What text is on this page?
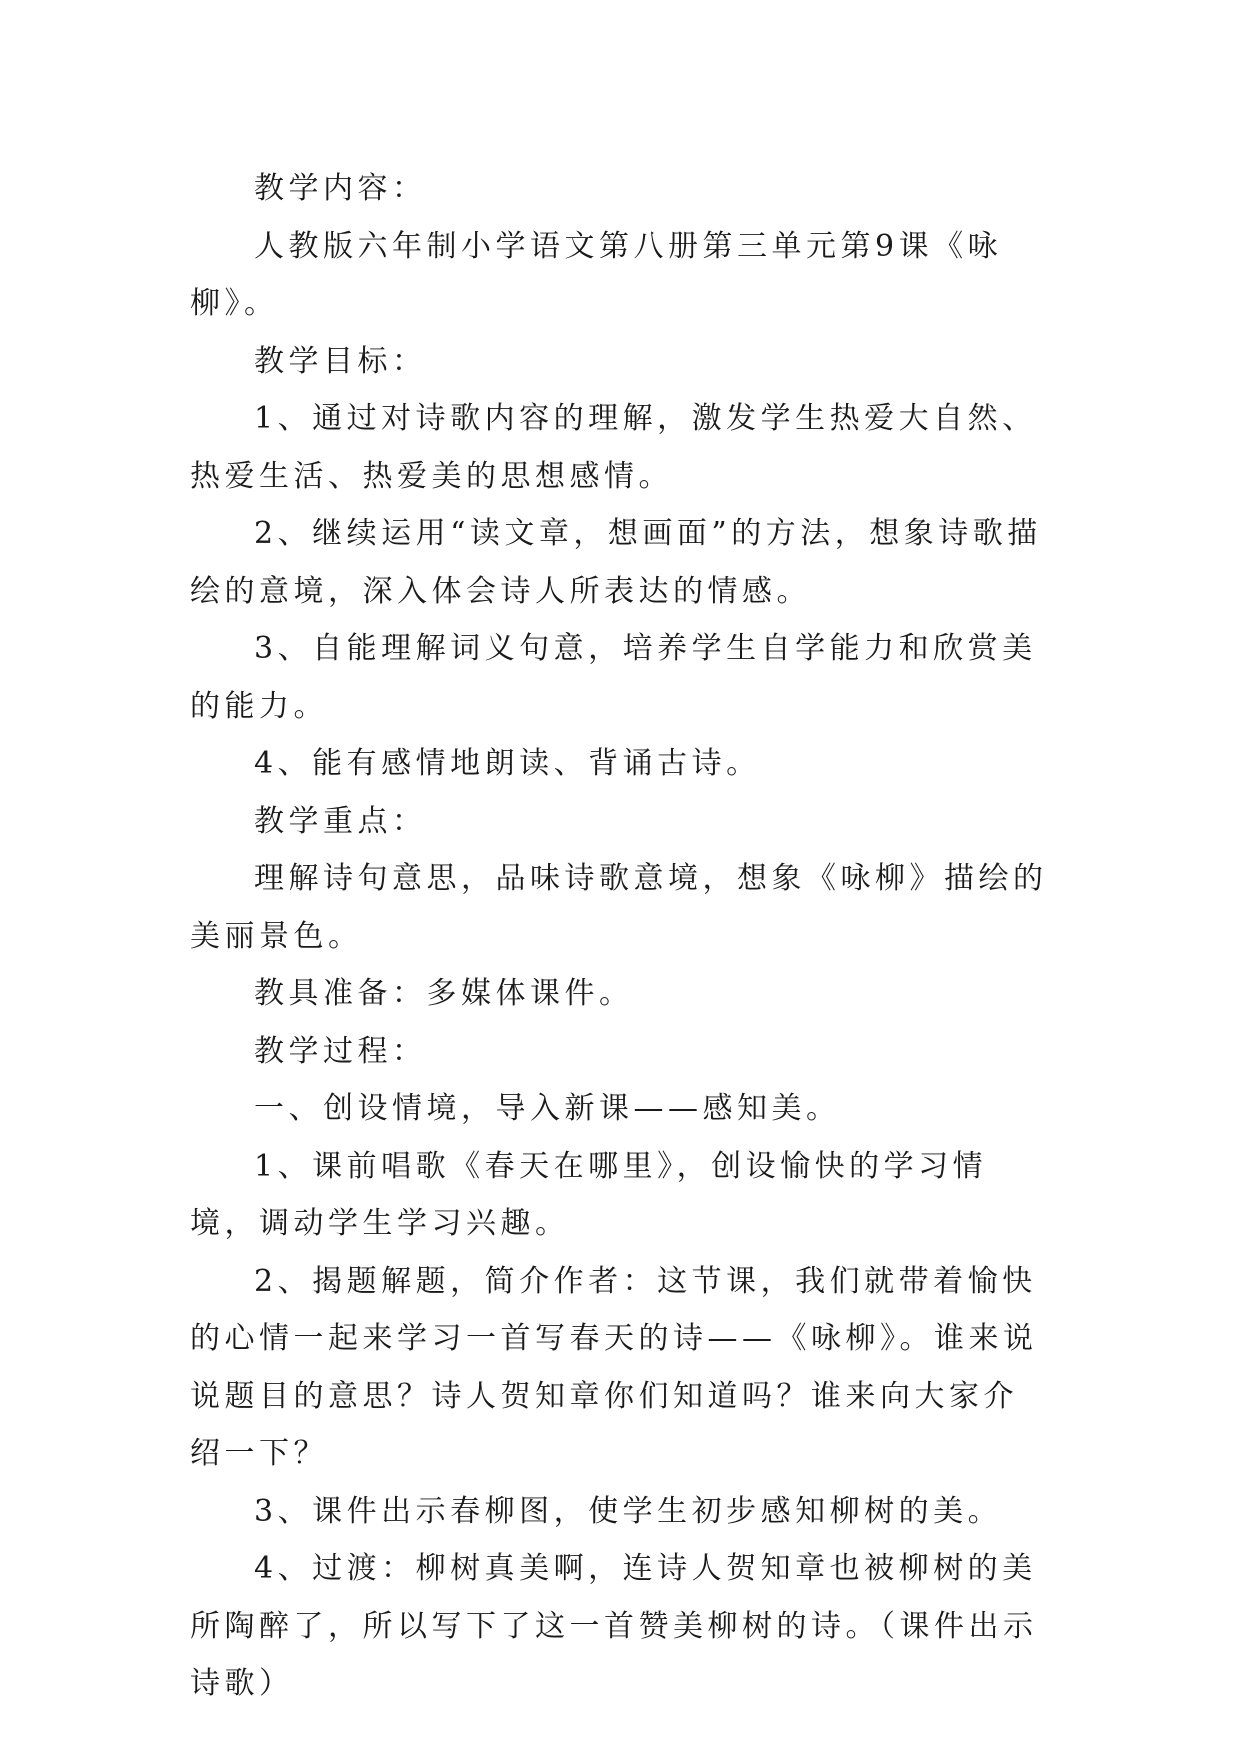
教学内容：

人教版六年制小学语文第八册第三单元第9课《咏柳》。

教学目标：

1、通过对诗歌内容的理解，激发学生热爱大自然、热爱生活、热爱美的思想感情。

2、继续运用“读文章，想画面”的方法，想象诗歌描绘的意境，深入体会诗人所表达的情感。

3、自能理解词义句意，培养学生自学能力和欣赏美的能力。

4、能有感情地朗读、背诵古诗。

教学重点：

理解诗句意思，品味诗歌意境，想象《咏柳》描绘的美丽景色。

教具准备：多媒体课件。

教学过程：

一、创设情境，导入新课——感知美。

1、课前唱歌《春天在哪里》，创设愉快的学习情境，调动学生学习兴趣。

2、揭题解题，简介作者：这节课，我们就带着愉快的心情一起来学习一首写春天的诗——《咏柳》。谁来说说题目的意思？诗人贺知章你们知道吗？谁来向大家介绍一下？

3、课件出示春柳图，使学生初步感知柳树的美。

4、过渡：柳树真美啊，连诗人贺知章也被柳树的美所陶醉了，所以写下了这一首赞美柳树的诗。（课件出示诗歌）
